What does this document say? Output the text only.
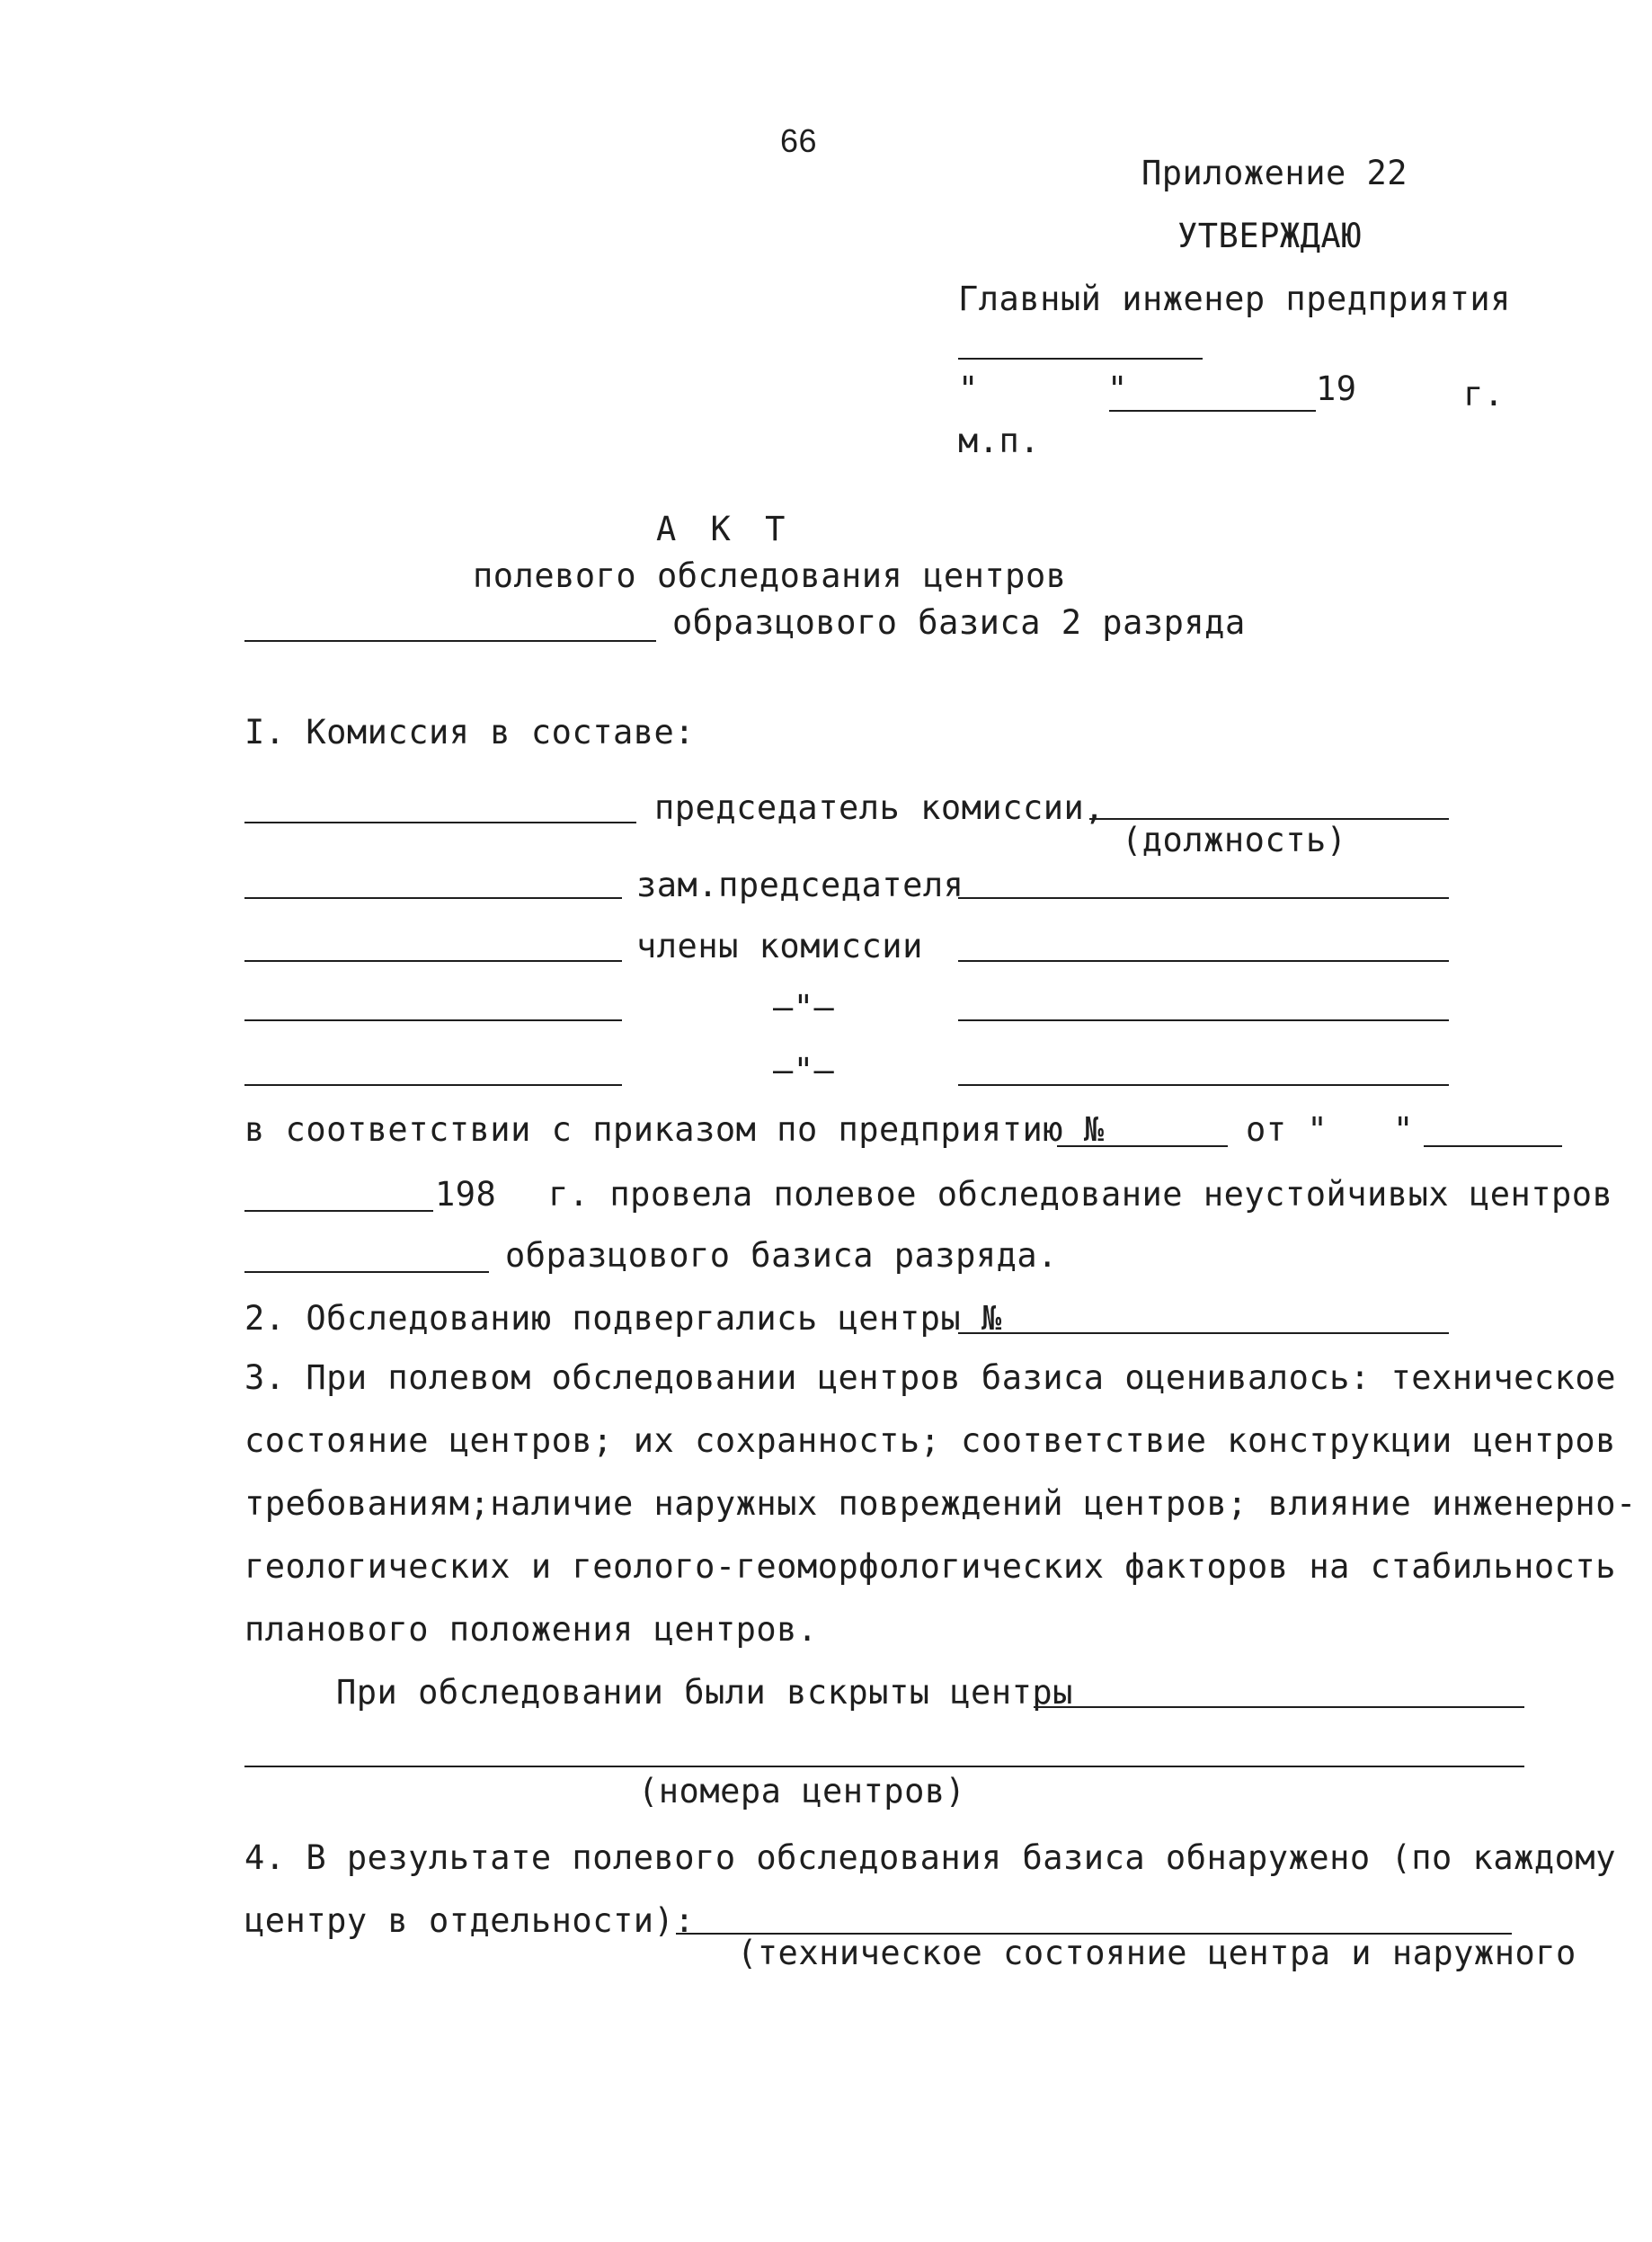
66
Приложение 22
УТВЕРЖДАЮ
Главный инженер предприятия
"	"	19	г.
м.п.
А К Т
полевого обследования центров
образцового базиса 2 разряда
I. Комиссия в составе:
председатель комиссии,
(должность)
зам.председателя
члены комиссии
–"–
–"–
в соответствии с приказом по предприятию №	от " "
198 г. провела полевое обследование неустойчивых центров
образцового базиса разряда.
2. Обследованию подвергались центры №
3. При полевом обследовании центров базиса оценивалось: техническое
состояние центров; их сохранность; соответствие конструкции центров
требованиям;наличие наружных повреждений центров; влияние инженерно-
геологических и геолого-геоморфологических факторов на стабильность
планового положения центров.
При обследовании были вскрыты центры
(номера центров)
4. В результате полевого обследования базиса обнаружено (по каждому
центру в отдельности):
(техническое состояние центра и наружного
